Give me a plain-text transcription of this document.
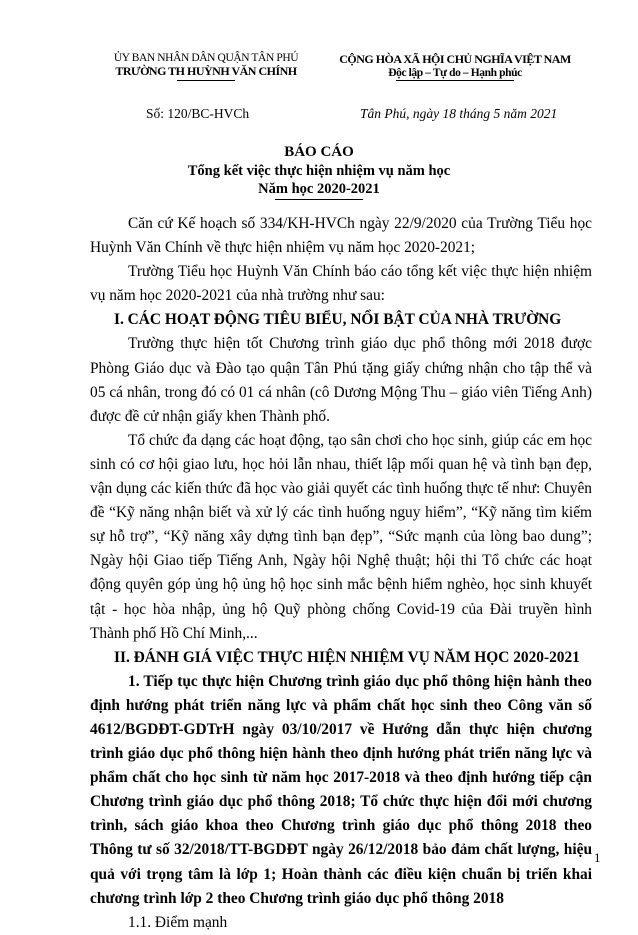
ỦY BAN NHÂN DÂN QUẬN TÂN PHÚ
TRƯỜNG TH HUỲNH VĂN CHÍNH
CỘNG HÒA XÃ HỘI CHỦ NGHĨA VIỆT NAM
Độc lập – Tự do – Hạnh phúc
Số: 120/BC-HVCh	Tân Phú, ngày 18 tháng 5 năm 2021
BÁO CÁO
Tổng kết việc thực hiện nhiệm vụ năm học
Năm học 2020-2021

Căn cứ Kế hoạch số 334/KH-HVCh ngày 22/9/2020 của Trường Tiểu học Huỳnh Văn Chính về thực hiện nhiệm vụ năm học 2020-2021;

Trường Tiểu học Huỳnh Văn Chính báo cáo tổng kết việc thực hiện nhiệm vụ năm học 2020-2021 của nhà trường như sau:

I. CÁC HOẠT ĐỘNG TIÊU BIỂU, NỔI BẬT CỦA NHÀ TRƯỜNG

Trường thực hiện tốt Chương trình giáo dục phổ thông mới 2018 được Phòng Giáo dục và Đào tạo quận Tân Phú tặng giấy chứng nhận cho tập thể và 05 cá nhân, trong đó có 01 cá nhân (cô Dương Mộng Thu – giáo viên Tiếng Anh) được đề cử nhận giấy khen Thành phố.

Tổ chức đa dạng các hoạt động, tạo sân chơi cho học sinh, giúp các em học sinh có cơ hội giao lưu, học hỏi lẫn nhau, thiết lập mối quan hệ và tình bạn đẹp, vận dụng các kiến thức đã học vào giải quyết các tình huống thực tế như: Chuyên đề “Kỹ năng nhận biết và xử lý các tình huống nguy hiểm”, “Kỹ năng tìm kiếm sự hỗ trợ”, “Kỹ năng xây dựng tình bạn đẹp”, “Sức mạnh của lòng bao dung”; Ngày hội Giao tiếp Tiếng Anh, Ngày hội Nghệ thuật; hội thi Tổ chức các hoạt động quyên góp ủng hộ ủng hộ học sinh mắc bệnh hiểm nghèo, học sinh khuyết tật - học hòa nhập, ủng hộ Quỹ phòng chống Covid-19 của Đài truyền hình Thành phố Hồ Chí Minh,...

II. ĐÁNH GIÁ VIỆC THỰC HIỆN NHIỆM VỤ NĂM HỌC 2020-2021

1. Tiếp tục thực hiện Chương trình giáo dục phổ thông hiện hành theo định hướng phát triển năng lực và phẩm chất học sinh theo Công văn số 4612/BGDĐT-GDTrH ngày 03/10/2017 về Hướng dẫn thực hiện chương trình giáo dục phổ thông hiện hành theo định hướng phát triển năng lực và phẩm chất cho học sinh từ năm học 2017-2018 và theo định hướng tiếp cận Chương trình giáo dục phổ thông 2018; Tổ chức thực hiện đổi mới chương trình, sách giáo khoa theo Chương trình giáo dục phổ thông 2018 theo Thông tư số 32/2018/TT-BGDĐT ngày 26/12/2018 bảo đảm chất lượng, hiệu quả với trọng tâm là lớp 1; Hoàn thành các điều kiện chuẩn bị triển khai chương trình lớp 2 theo Chương trình giáo dục phổ thông 2018

1.1. Điểm mạnh

1
